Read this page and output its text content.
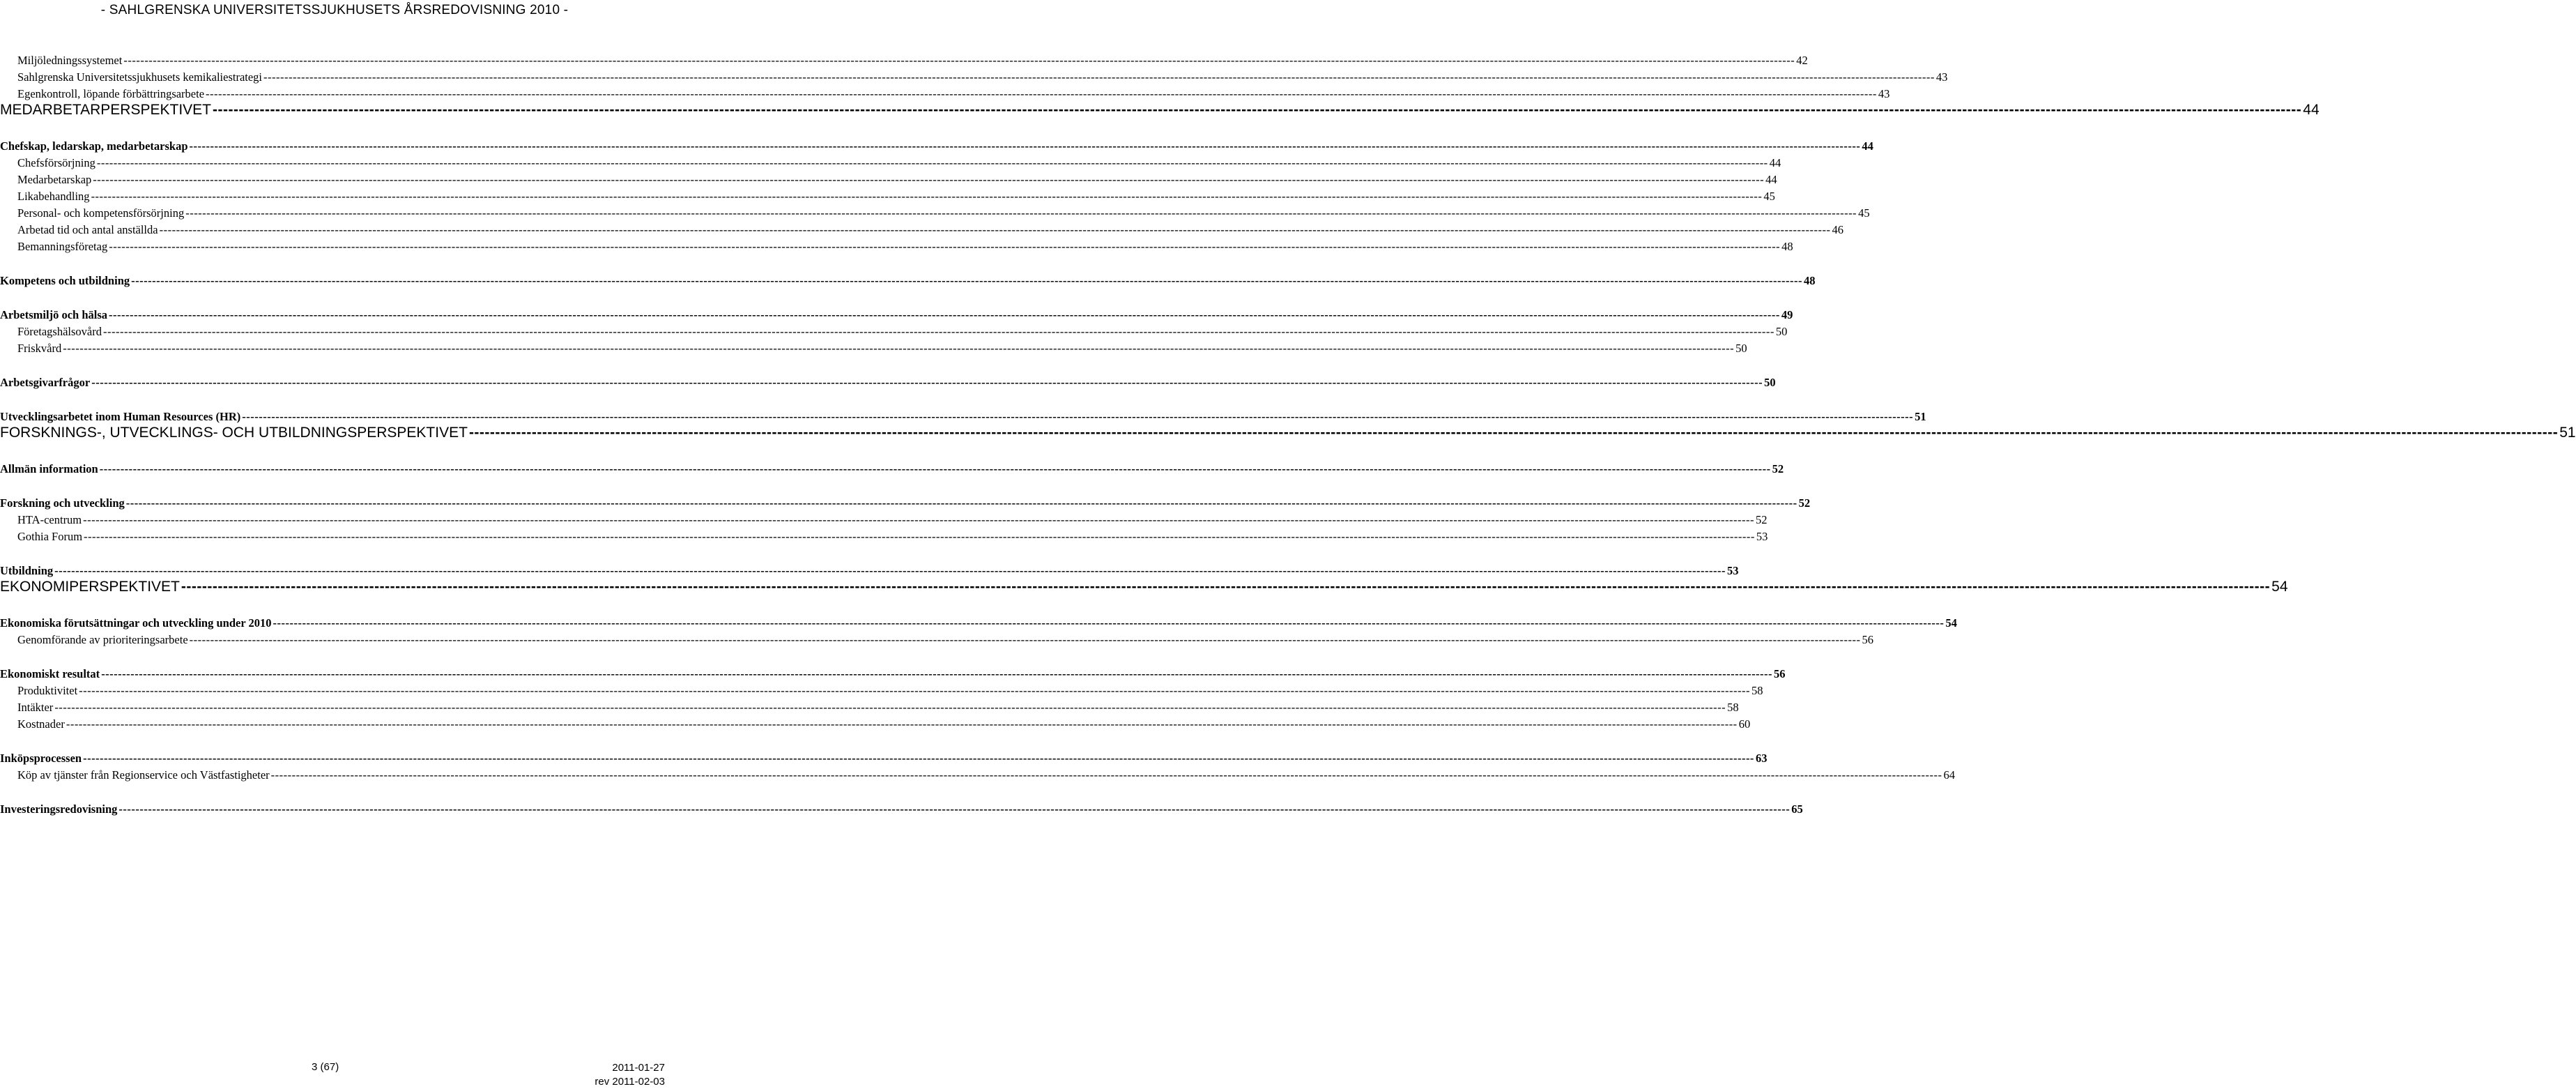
- SAHLGRENSKA UNIVERSITETSSJUKHUSETS ÅRSREDOVISNING 2010 -
Miljöledningssystemet ---------------------------------------------------------------------------------------------------------------------------------------------------------------------------------------------------------------------------------------------------------------------------------------------------------------------------------------------------------------------------------------------------------------- 42
Sahlgrenska Universitetssjukhusets kemikaliestrategi ---------------------------------------------------------------------------------------------------------------------------------------------------------------------------------------------------------------------------------------------------------------------------------------------------------------------------------------------------------------------------------------------------------------- 43
Egenkontroll, löpande förbättringsarbete ---------------------------------------------------------------------------------------------------------------------------------------------------------------------------------------------------------------------------------------------------------------------------------------------------------------------------------------------------------------------------------------------------------------- 43
MEDARBETARPERSPEKTIVET ---------------------------------------------------------------------------------------------------------------------------------------------------------------------------------------------------------------------------------------------------------------------------------------------------------------------------------------------------------------------------------------------------------------- 44
Chefskap, ledarskap, medarbetarskap ---------------------------------------------------------------------------------------------------------------------------------------------------------------------------------------------------------------------------------------------------------------------------------------------------------------------------------------------------------------------------------------------------------------- 44
Chefsförsörjning ---------------------------------------------------------------------------------------------------------------------------------------------------------------------------------------------------------------------------------------------------------------------------------------------------------------------------------------------------------------------------------------------------------------- 44
Medarbetarskap ---------------------------------------------------------------------------------------------------------------------------------------------------------------------------------------------------------------------------------------------------------------------------------------------------------------------------------------------------------------------------------------------------------------- 44
Likabehandling ---------------------------------------------------------------------------------------------------------------------------------------------------------------------------------------------------------------------------------------------------------------------------------------------------------------------------------------------------------------------------------------------------------------- 45
Personal- och kompetensförsörjning ---------------------------------------------------------------------------------------------------------------------------------------------------------------------------------------------------------------------------------------------------------------------------------------------------------------------------------------------------------------------------------------------------------------- 45
Arbetad tid och antal anställda ---------------------------------------------------------------------------------------------------------------------------------------------------------------------------------------------------------------------------------------------------------------------------------------------------------------------------------------------------------------------------------------------------------------- 46
Bemanningsföretag ---------------------------------------------------------------------------------------------------------------------------------------------------------------------------------------------------------------------------------------------------------------------------------------------------------------------------------------------------------------------------------------------------------------- 48
Kompetens och utbildning ---------------------------------------------------------------------------------------------------------------------------------------------------------------------------------------------------------------------------------------------------------------------------------------------------------------------------------------------------------------------------------------------------------------- 48
Arbetsmiljö och hälsa ---------------------------------------------------------------------------------------------------------------------------------------------------------------------------------------------------------------------------------------------------------------------------------------------------------------------------------------------------------------------------------------------------------------- 49
Företagshälsovård ---------------------------------------------------------------------------------------------------------------------------------------------------------------------------------------------------------------------------------------------------------------------------------------------------------------------------------------------------------------------------------------------------------------- 50
Friskvård ---------------------------------------------------------------------------------------------------------------------------------------------------------------------------------------------------------------------------------------------------------------------------------------------------------------------------------------------------------------------------------------------------------------- 50
Arbetsgivarfrågor ---------------------------------------------------------------------------------------------------------------------------------------------------------------------------------------------------------------------------------------------------------------------------------------------------------------------------------------------------------------------------------------------------------------- 50
Utvecklingsarbetet inom Human Resources (HR) ---------------------------------------------------------------------------------------------------------------------------------------------------------------------------------------------------------------------------------------------------------------------------------------------------------------------------------------------------------------------------------------------------------------- 51
FORSKNINGS-, UTVECKLINGS- OCH UTBILDNINGSPERSPEKTIVET ---------------------------------------------------------------------------------------------------------------------------------------------------------------------------------------------------------------------------------------------------------------------------------------------------------------------------------------------------------------------------------------------------------------- 51
Allmän information ---------------------------------------------------------------------------------------------------------------------------------------------------------------------------------------------------------------------------------------------------------------------------------------------------------------------------------------------------------------------------------------------------------------- 52
Forskning och utveckling ---------------------------------------------------------------------------------------------------------------------------------------------------------------------------------------------------------------------------------------------------------------------------------------------------------------------------------------------------------------------------------------------------------------- 52
HTA-centrum ---------------------------------------------------------------------------------------------------------------------------------------------------------------------------------------------------------------------------------------------------------------------------------------------------------------------------------------------------------------------------------------------------------------- 52
Gothia Forum ---------------------------------------------------------------------------------------------------------------------------------------------------------------------------------------------------------------------------------------------------------------------------------------------------------------------------------------------------------------------------------------------------------------- 53
Utbildning ---------------------------------------------------------------------------------------------------------------------------------------------------------------------------------------------------------------------------------------------------------------------------------------------------------------------------------------------------------------------------------------------------------------- 53
EKONOMIPERSPEKTIVET ---------------------------------------------------------------------------------------------------------------------------------------------------------------------------------------------------------------------------------------------------------------------------------------------------------------------------------------------------------------------------------------------------------------- 54
Ekonomiska förutsättningar och utveckling under 2010 ---------------------------------------------------------------------------------------------------------------------------------------------------------------------------------------------------------------------------------------------------------------------------------------------------------------------------------------------------------------------------------------------------------------- 54
Genomförande av prioriteringsarbete ---------------------------------------------------------------------------------------------------------------------------------------------------------------------------------------------------------------------------------------------------------------------------------------------------------------------------------------------------------------------------------------------------------------- 56
Ekonomiskt resultat ---------------------------------------------------------------------------------------------------------------------------------------------------------------------------------------------------------------------------------------------------------------------------------------------------------------------------------------------------------------------------------------------------------------- 56
Produktivitet ---------------------------------------------------------------------------------------------------------------------------------------------------------------------------------------------------------------------------------------------------------------------------------------------------------------------------------------------------------------------------------------------------------------- 58
Intäkter ---------------------------------------------------------------------------------------------------------------------------------------------------------------------------------------------------------------------------------------------------------------------------------------------------------------------------------------------------------------------------------------------------------------- 58
Kostnader ---------------------------------------------------------------------------------------------------------------------------------------------------------------------------------------------------------------------------------------------------------------------------------------------------------------------------------------------------------------------------------------------------------------- 60
Inköpsprocessen ---------------------------------------------------------------------------------------------------------------------------------------------------------------------------------------------------------------------------------------------------------------------------------------------------------------------------------------------------------------------------------------------------------------- 63
Köp av tjänster från Regionservice och Västfastigheter ---------------------------------------------------------------------------------------------------------------------------------------------------------------------------------------------------------------------------------------------------------------------------------------------------------------------------------------------------------------------------------------------------------------- 64
Investeringsredovisning ---------------------------------------------------------------------------------------------------------------------------------------------------------------------------------------------------------------------------------------------------------------------------------------------------------------------------------------------------------------------------------------------------------------- 65
3 (67)	2011-01-27
rev 2011-02-03
